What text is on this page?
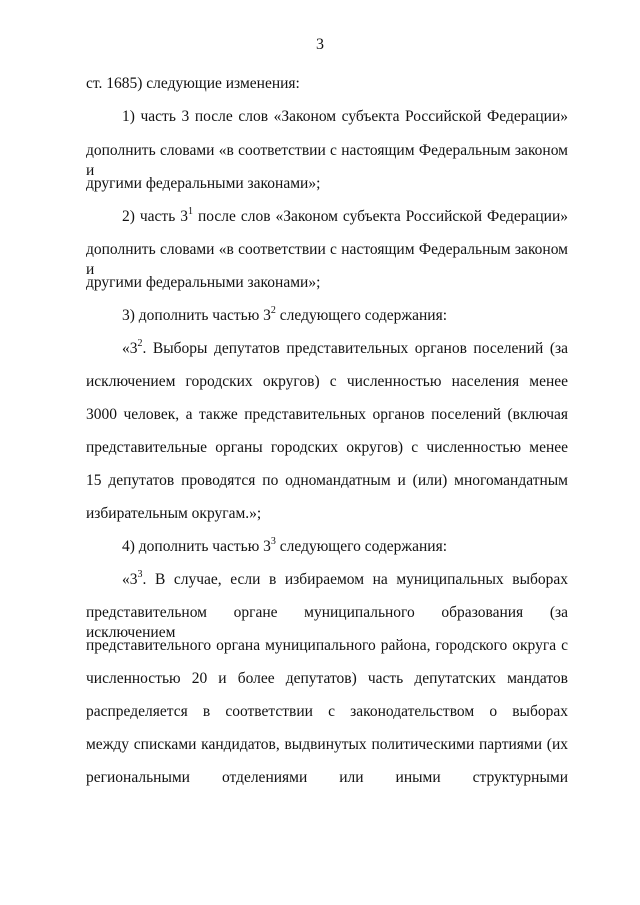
3
ст. 1685) следующие изменения:
1) часть 3 после слов «Законом субъекта Российской Федерации»
дополнить словами «в соответствии с настоящим Федеральным законом и
другими федеральными законами»;
2) часть $3^1$ после слов «Законом субъекта Российской Федерации»
дополнить словами «в соответствии с настоящим Федеральным законом и
другими федеральными законами»;
3) дополнить частью $3^2$ следующего содержания:
«$3^2$. Выборы депутатов представительных органов поселений (за
исключением городских округов) с численностью населения менее
3000 человек, а также представительных органов поселений (включая
представительные органы городских округов) с численностью менее
15 депутатов проводятся по одномандатным и (или) многомандатным
избирательным округам.»;
4) дополнить частью $3^3$ следующего содержания:
«$3^3$. В случае, если в избираемом на муниципальных выборах
представительном органе муниципального образования (за исключением
представительного органа муниципального района, городского округа с
численностью 20 и более депутатов) часть депутатских мандатов
распределяется в соответствии с законодательством о выборах
между списками кандидатов, выдвинутых политическими партиями (их
региональными отделениями или иными структурными
